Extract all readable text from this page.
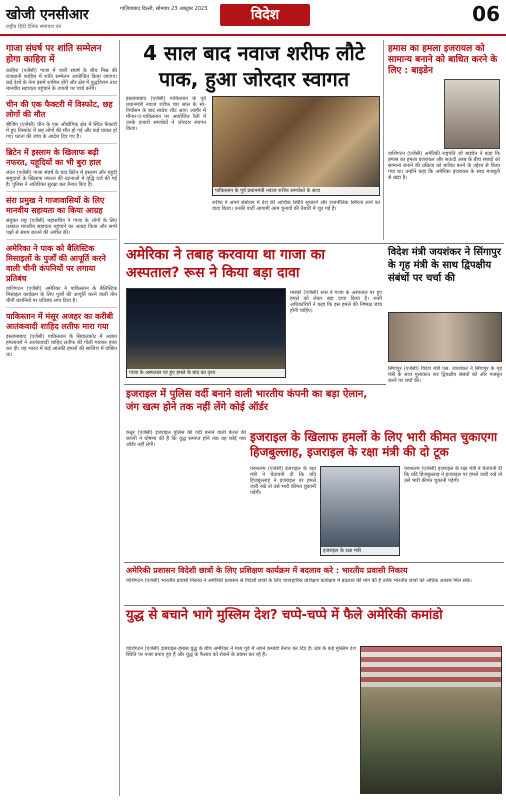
खोजी एनसीआर
राष्ट्रीय हिंदी दैनिक समाचार पत्र
गाज़ियाबाद दिल्ली, सोमवार 23 अक्टूबर 2023	विदेश	06
गाजा संघर्ष पर शांति सम्मेलन होगा काहिरा में
काहिरा (एजेंसी) गाजा में जारी संघर्ष के बीच मिस्र की राजधानी काहिरा में शांति सम्मेलन आयोजित किया जाएगा। कई देशों के नेता इसमें शामिल होंगे और क्षेत्र में युद्धविराम तथा मानवीय सहायता पहुंचाने के उपायों पर चर्चा करेंगे।
चीन की एक फैक्टरी में विस्फोट, छह लोगों की मौत
बीजिंग (एजेंसी) चीन के एक औद्योगिक क्षेत्र में स्थित फैक्टरी में हुए विस्फोट में छह लोगों की मौत हो गई और कई घायल हो गए। घटना की जांच के आदेश दिए गए हैं।
ब्रिटेन में इस्लाम के खिलाफ बढ़ी नफरत, यहूदियों का भी बुरा हाल
लंदन (एजेंसी) गाजा संघर्ष के बाद ब्रिटेन में इस्लाम और यहूदी समुदायों के खिलाफ नफरत की घटनाओं में वृद्धि दर्ज की गई है। पुलिस ने अतिरिक्त सुरक्षा बल तैनात किए हैं।
संरा प्रमुख ने गाजावासियों के लिए मानवीय सहायता का किया आग्रह
संयुक्त राष्ट्र (एजेंसी) महासचिव ने गाजा के लोगों के लिए तत्काल मानवीय सहायता पहुंचाने का आग्रह किया और सभी पक्षों से संयम बरतने की अपील की।
अमेरिका ने पाक को बैलिस्टिक मिसाइलों के पुर्जों की आपूर्ति करने वाली चीनी कंपनियों पर लगाया प्रतिबंध
वाशिंगटन (एजेंसी) अमेरिका ने पाकिस्तान के बैलिस्टिक मिसाइल कार्यक्रम के लिए पुर्जों की आपूर्ति करने वाली तीन चीनी कंपनियों पर प्रतिबंध लगा दिया है।
पाकिस्तान में मंसूर अजहर का करीबी आतंकवादी शाहिद लतीफ मारा गया
इस्लामाबाद (एजेंसी) पाकिस्तान के सियालकोट में अज्ञात हमलावरों ने आतंकवादी शाहिद लतीफ की गोली मारकर हत्या कर दी। वह भारत में कई आतंकी हमलों की साजिश में वांछित था।
4 साल बाद नवाज शरीफ लौटे
पाक, हुआ जोरदार स्वागत
इस्लामाबाद (एजेंसी) पाकिस्तान के पूर्व प्रधानमंत्री नवाज शरीफ चार साल के स्व-निर्वासन के बाद स्वदेश लौट आए। लाहौर में मीनार-ए-पाकिस्तान पर आयोजित रैली में उनके हजारों समर्थकों ने जोरदार स्वागत किया।
पाकिस्तान के पूर्व प्रधानमंत्री नवाज शरीफ समर्थकों के साथ
शरीफ ने अपने संबोधन में देश की आर्थिक स्थिति सुधारने और राजनीतिक स्थिरता लाने का वादा किया। उनकी पार्टी आगामी आम चुनावों की तैयारी में जुट गई है।
हमास का हमला इजरायल को सामान्य बनाने को बाधित करने के लिए : बाइडेन
वाशिंगटन (एजेंसी) अमेरिकी राष्ट्रपति जो बाइडेन ने कहा कि हमास का हमला इजरायल और सऊदी अरब के बीच संबंधों को सामान्य बनाने की प्रक्रिया को बाधित करने के उद्देश्य से किया गया था। उन्होंने कहा कि अमेरिका इजरायल के साथ मजबूती से खड़ा है।
अमेरिका ने तबाह करवाया था गाजा का अस्पताल? रूस ने किया बड़ा दावा
गाजा के अस्पताल पर हुए हमले के बाद का दृश्य
मास्को (एजेंसी) रूस ने गाजा के अस्पताल पर हुए हमले को लेकर बड़ा दावा किया है। रूसी अधिकारियों ने कहा कि इस हमले की निष्पक्ष जांच होनी चाहिए।
विदेश मंत्री जयशंकर ने सिंगापुर के गृह मंत्री के साथ द्विपक्षीय संबंधों पर चर्चा की
सिंगापुर (एजेंसी) विदेश मंत्री एस. जयशंकर ने सिंगापुर के गृह मंत्री के साथ मुलाकात कर द्विपक्षीय संबंधों को और मजबूत करने पर चर्चा की।
इजराइल में पुलिस वर्दी बनाने वाली भारतीय कंपनी का बड़ा ऐलान, जंग खत्म होने तक नहीं लेंगे कोई ऑर्डर
कन्नूर (एजेंसी) इजराइल पुलिस की वर्दी बनाने वाली केरल की कंपनी ने घोषणा की है कि युद्ध समाप्त होने तक वह कोई नया ऑर्डर नहीं लेगी।
इजराइल के खिलाफ हमलों के लिए भारी कीमत चुकाएगा हिजबुल्लाह, इजराइल के रक्षा मंत्री की दो टूक
इजराइल के रक्षा मंत्री
यरुशलम (एजेंसी) इजराइल के रक्षा मंत्री ने चेतावनी दी कि यदि हिजबुल्लाह ने इजराइल पर हमले जारी रखे तो उसे भारी कीमत चुकानी पड़ेगी।
यरुशलम (एजेंसी) इजराइल के रक्षा मंत्री ने चेतावनी दी कि यदि हिजबुल्लाह ने इजराइल पर हमले जारी रखे तो उसे भारी कीमत चुकानी पड़ेगी।
अमेरिकी प्रशासन विदेशी छात्रों के लिए प्रशिक्षण कार्यक्रम में बदलाव करे : भारतीय प्रवासी निकाय
वाशिंगटन (एजेंसी) भारतीय प्रवासी निकाय ने अमेरिकी प्रशासन से विदेशी छात्रों के लिए व्यावहारिक प्रशिक्षण कार्यक्रम में बदलाव की मांग की है ताकि भारतीय छात्रों को अधिक अवसर मिल सकें।
युद्ध से बचाने भागे मुस्लिम देश? चप्पे-चप्पे में फैले अमेरिकी कमांडो
वाशिंगटन (एजेंसी) इजराइल-हमास युद्ध के बीच अमेरिका ने मध्य पूर्व में अपने कमांडो तैनात कर दिए हैं। क्षेत्र के कई मुस्लिम देश स्थिति पर नजर बनाए हुए हैं और युद्ध के फैलाव को रोकने के प्रयास कर रहे हैं।
